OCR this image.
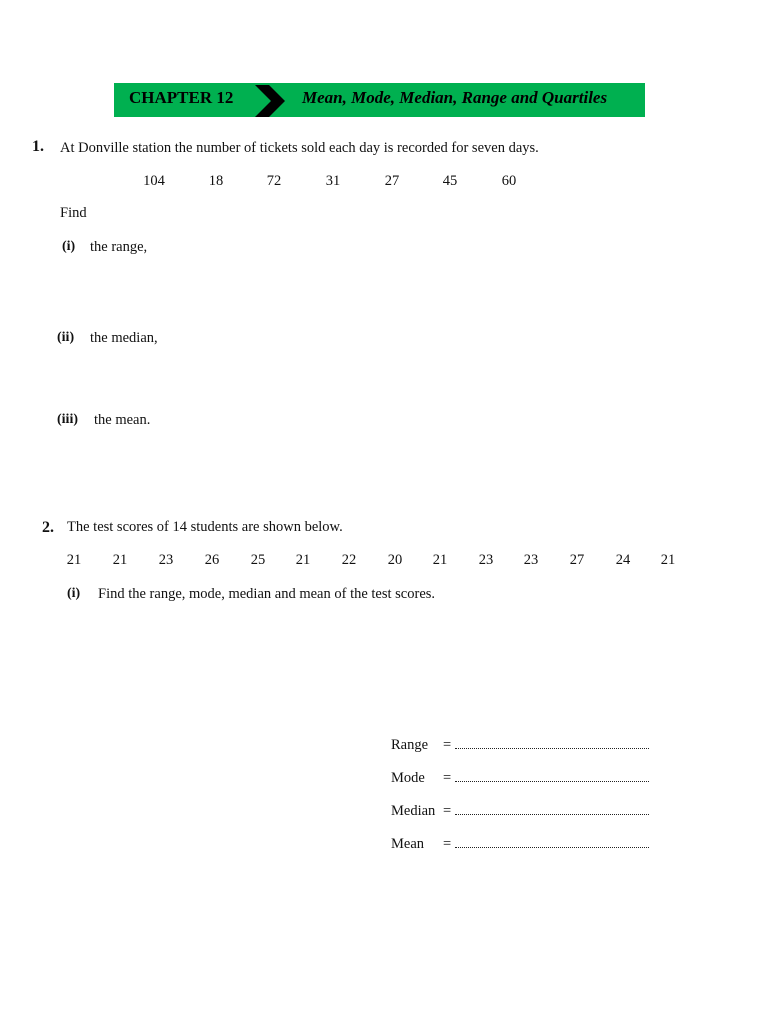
CHAPTER 12	Mean, Mode, Median, Range and Quartiles
1. At Donville station the number of tickets sold each day is recorded for seven days.
104	18	72	31	27	45	60
Find
(i) the range,
(ii) the median,
(iii) the mean.
2. The test scores of 14 students are shown below.
21	21	23	26	25	21	22	20	21	23	23	27	24	21
(i) Find the range, mode, median and mean of the test scores.
Range	=
Mode	=
Median =
Mean	=
